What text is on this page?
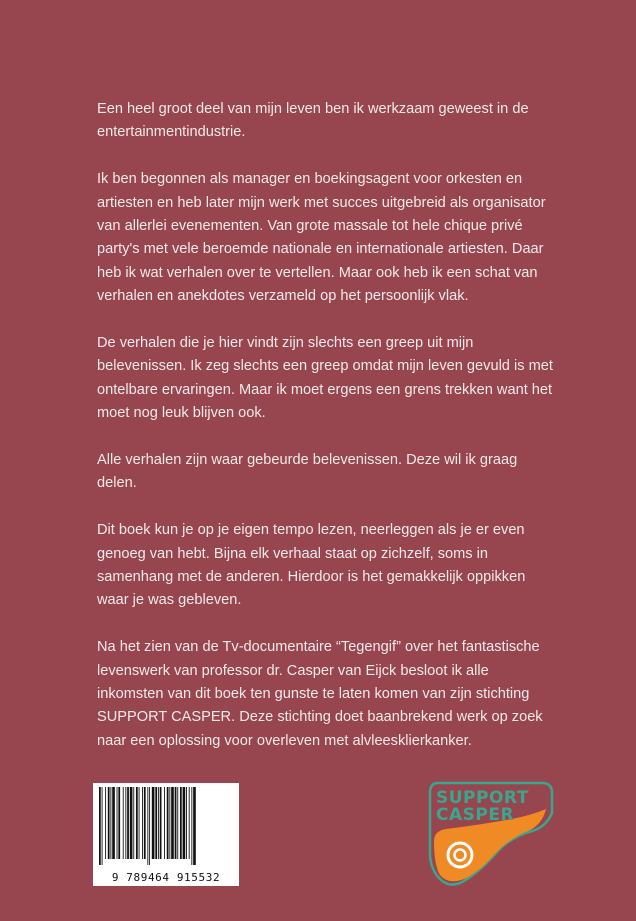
Een heel groot deel van mijn leven ben ik werkzaam geweest in de entertainmentindustrie.

Ik ben begonnen als manager en boekingsagent voor orkesten en artiesten en heb later mijn werk met succes uitgebreid als organisator van allerlei evenementen. Van grote massale tot hele chique privé party's met vele beroemde nationale en internationale artiesten. Daar heb ik wat verhalen over te vertellen. Maar ook heb ik een schat van verhalen en anekdotes verzameld op het persoonlijk vlak.

De verhalen die je hier vindt zijn slechts een greep uit mijn belevenissen. Ik zeg slechts een greep omdat mijn leven gevuld is met ontelbare ervaringen. Maar ik moet ergens een grens trekken want het moet nog leuk blijven ook.

Alle verhalen zijn waar gebeurde belevenissen. Deze wil ik graag delen.

Dit boek kun je op je eigen tempo lezen, neerleggen als je er even genoeg van hebt. Bijna elk verhaal staat op zichzelf, soms in samenhang met de anderen. Hierdoor is het gemakkelijk oppikken waar je was gebleven.

Na het zien van de Tv-documentaire “Tegengif” over het fantastische levenswerk van professor dr. Casper van Eijck besloot ik alle inkomsten van dit boek ten gunste te laten komen van zijn stichting SUPPORT CASPER. Deze stichting doet baanbrekend werk op zoek naar een oplossing voor overleven met alvleesklierkanker.

9 789464 915532
SUPPORT
CASPER
